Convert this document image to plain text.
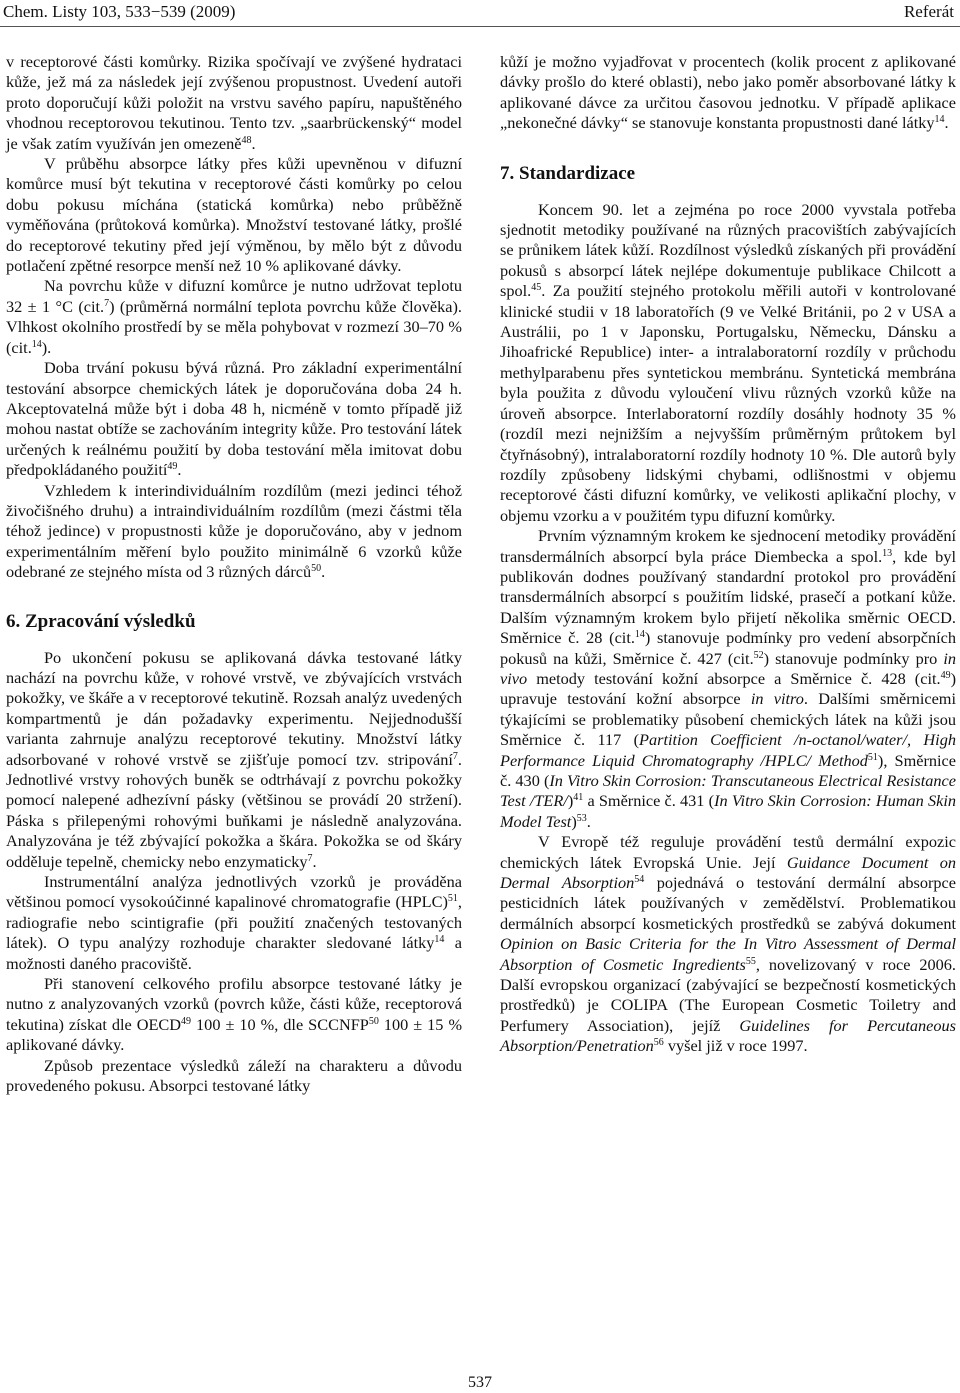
Chem. Listy 103, 533−539 (2009)	Referát

v receptorové části komůrky. Rizika spočívají ve zvýšené hydrataci kůže, jež má za následek její zvýšenou propustnost. Uvedení autoři proto doporučují kůži položit na vrstvu savého papíru, napuštěného vhodnou receptorovou tekutinou. Tento tzv. „saarbrückenský“ model je však zatím využíván jen omezeně$^{48}$.

V průběhu absorpce látky přes kůži upevněnou v difuzní komůrce musí být tekutina v receptorové části komůrky po celou dobu pokusu míchána (statická komůrka) nebo průběžně vyměňována (průtoková komůrka). Množství testované látky, prošlé do receptorové tekutiny před její výměnou, by mělo být z důvodu potlačení zpětné resorpce menší než 10 % aplikované dávky.

Na povrchu kůže v difuzní komůrce je nutno udržovat teplotu 32 ± 1 °C (cit.$^7$) (průměrná normální teplota povrchu kůže člověka). Vlhkost okolního prostředí by se měla pohybovat v rozmezí 30–70 % (cit.$^{14}$).

Doba trvání pokusu bývá různá. Pro základní experimentální testování absorpce chemických látek je doporučována doba 24 h. Akceptovatelná může být i doba 48 h, nicméně v tomto případě již mohou nastat obtíže se zachováním integrity kůže. Pro testování látek určených k reálnému použití by doba testování měla imitovat dobu předpokládaného použití$^{49}$.

Vzhledem k interindividuálním rozdílům (mezi jedinci téhož živočišného druhu) a intraindividuálním rozdílům (mezi částmi těla téhož jedince) v propustnosti kůže je doporučováno, aby v jednom experimentálním měření bylo použito minimálně 6 vzorků kůže odebrané ze stejného místa od 3 různých dárců$^{50}$.

6. Zpracování výsledků

Po ukončení pokusu se aplikovaná dávka testované látky nachází na povrchu kůže, v rohové vrstvě, ve zbývajících vrstvách pokožky, ve škáře a v receptorové tekutině. Rozsah analýz uvedených kompartmentů je dán požadavky experimentu. Nejjednodušší varianta zahrnuje analýzu receptorové tekutiny. Množství látky adsorbované v rohové vrstvě se zjišťuje pomocí tzv. stripování$^7$. Jednotlivé vrstvy rohových buněk se odtrhávají z povrchu pokožky pomocí nalepené adhezívní pásky (většinou se provádí 20 stržení). Páska s přilepenými rohovými buňkami je následně analyzována. Analyzována je též zbývající pokožka a škára. Pokožka se od škáry odděluje tepelně, chemicky nebo enzymaticky$^7$.

Instrumentální analýza jednotlivých vzorků je prováděna většinou pomocí vysokoúčinné kapalinové chromatografie (HPLC)$^{51}$, radiografie nebo scintigrafie (při použití značených testovaných látek). O typu analýzy rozhoduje charakter sledované látky$^{14}$ a možnosti daného pracoviště.

Při stanovení celkového profilu absorpce testované látky je nutno z analyzovaných vzorků (povrch kůže, části kůže, receptorová tekutina) získat dle OECD$^{49}$ 100 ± 10 %, dle SCCNFP$^{50}$ 100 ± 15 % aplikované dávky.

Způsob prezentace výsledků záleží na charakteru a důvodu provedeného pokusu. Absorpci testované látky

kůží je možno vyjadřovat v procentech (kolik procent z aplikované dávky prošlo do které oblasti), nebo jako poměr absorbované látky k aplikované dávce za určitou časovou jednotku. V případě aplikace „nekonečné dávky“ se stanovuje konstanta propustnosti dané látky$^{14}$.

7. Standardizace

Koncem 90. let a zejména po roce 2000 vyvstala potřeba sjednotit metodiky používané na různých pracovištích zabývajících se průnikem látek kůží. Rozdílnost výsledků získaných při provádění pokusů s absorpcí látek nejlépe dokumentuje publikace Chilcott a spol.$^{45}$. Za použití stejného protokolu měřili autoři v kontrolované klinické studii v 18 laboratořích (9 ve Velké Británii, po 2 v USA a Austrálii, po 1 v Japonsku, Portugalsku, Německu, Dánsku a Jihoafrické Republice) inter- a intralaboratorní rozdíly v průchodu methylparabenu přes syntetickou membránu. Syntetická membrána byla použita z důvodu vyloučení vlivu různých vzorků kůže na úroveň absorpce. Interlaboratorní rozdíly dosáhly hodnoty 35 % (rozdíl mezi nejnižším a nejvyšším průměrným průtokem byl čtyřnásobný), intralaboratorní rozdíly hodnoty 10 %. Dle autorů byly rozdíly způsobeny lidskými chybami, odlišnostmi v objemu receptorové části difuzní komůrky, ve velikosti aplikační plochy, v objemu vzorku a v použitém typu difuzní komůrky.

Prvním významným krokem ke sjednocení metodiky provádění transdermálních absorpcí byla práce Diembecka a spol.$^{13}$, kde byl publikován dodnes používaný standardní protokol pro provádění transdermálních absorpcí s použitím lidské, prasečí a potkaní kůže. Dalším významným krokem bylo přijetí několika směrnic OECD. Směrnice č. 28 (cit.$^{14}$) stanovuje podmínky pro vedení absorpčních pokusů na kůži, Směrnice č. 427 (cit.$^{52}$) stanovuje podmínky pro in vivo metody testování kožní absorpce a Směrnice č. 428 (cit.$^{49}$) upravuje testování kožní absorpce in vitro. Dalšími směrnicemi týkajícími se problematiky působení chemických látek na kůži jsou Směrnice č. 117 (Partition Coefficient /n-octanol/water/, High Performance Liquid Chromatography /HPLC/ Method$^{51}$), Směrnice č. 430 (In Vitro Skin Corrosion: Transcutaneous Electrical Resistance Test /TER/)$^{41}$ a Směrnice č. 431 (In Vitro Skin Corrosion: Human Skin Model Test)$^{53}$.

V Evropě též reguluje provádění testů dermální expozic chemických látek Evropská Unie. Její Guidance Document on Dermal Absorption$^{54}$ pojednává o testování dermální absorpce pesticidních látek používaných v zemědělství. Problematikou dermálních absorpcí kosmetických prostředků se zabývá dokument Opinion on Basic Criteria for the In Vitro Assessment of Dermal Absorption of Cosmetic Ingredients$^{55}$, novelizovaný v roce 2006. Další evropskou organizací (zabývající se bezpečností kosmetických prostředků) je COLIPA (The European Cosmetic Toiletry and Perfumery Association), jejíž Guidelines for Percutaneous Absorption/Penetration$^{56}$ vyšel již v roce 1997.

537
